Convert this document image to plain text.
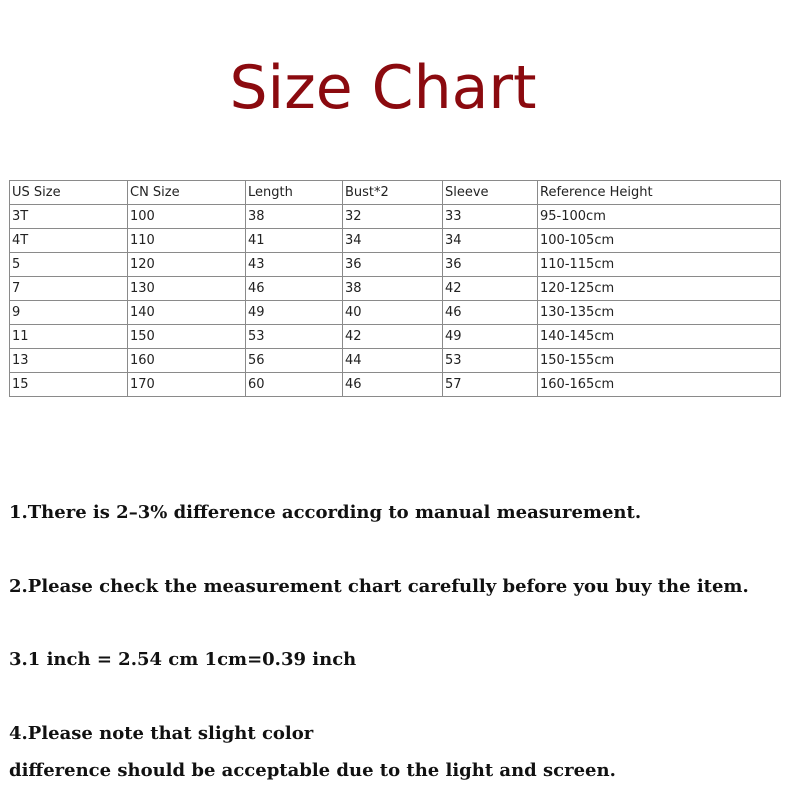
Size Chart
US Size	CN Size	Length	Bust*2	Sleeve	Reference Height
3T	100	38	32	33	95-100cm
4T	110	41	34	34	100-105cm
5	120	43	36	36	110-115cm
7	130	46	38	42	120-125cm
9	140	49	40	46	130-135cm
11	150	53	42	49	140-145cm
13	160	56	44	53	150-155cm
15	170	60	46	57	160-165cm
1.There is 2–3% difference according to manual measurement.
2.Please check the measurement chart carefully before you buy the item.
3.1 inch = 2.54 cm 1cm=0.39 inch
4.Please note that slight color
difference should be acceptable due to the light and screen.
